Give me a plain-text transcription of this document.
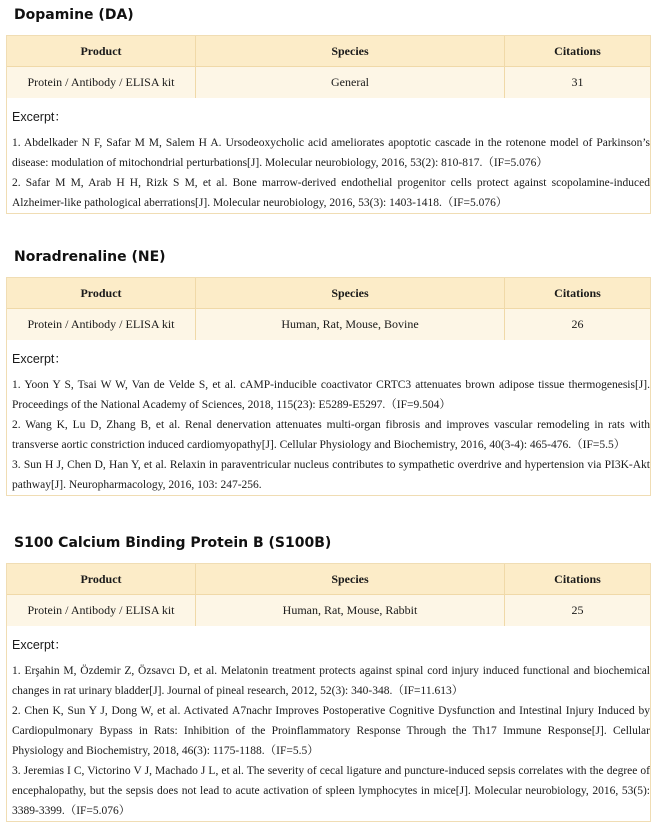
Dopamine (DA)
Product	Species	Citations
Protein / Antibody / ELISA kit	General	31
Excerpt：

1. Abdelkader N F, Safar M M, Salem H A. Ursodeoxycholic acid ameliorates apoptotic cascade in the rotenone model of Parkinson’s disease: modulation of mitochondrial perturbations[J]. Molecular neurobiology, 2016, 53(2): 810-817.（IF=5.076）

2. Safar M M, Arab H H, Rizk S M, et al. Bone marrow-derived endothelial progenitor cells protect against scopolamine-induced Alzheimer-like pathological aberrations[J]. Molecular neurobiology, 2016, 53(3): 1403-1418.（IF=5.076）

Noradrenaline (NE)
Product	Species	Citations
Protein / Antibody / ELISA kit	Human, Rat, Mouse, Bovine	26
Excerpt：

1. Yoon Y S, Tsai W W, Van de Velde S, et al. cAMP-inducible coactivator CRTC3 attenuates brown adipose tissue thermogenesis[J]. Proceedings of the National Academy of Sciences, 2018, 115(23): E5289-E5297.（IF=9.504）

2. Wang K, Lu D, Zhang B, et al. Renal denervation attenuates multi-organ fibrosis and improves vascular remodeling in rats with transverse aortic constriction induced cardiomyopathy[J]. Cellular Physiology and Biochemistry, 2016, 40(3-4): 465-476.（IF=5.5）

3. Sun H J, Chen D, Han Y, et al. Relaxin in paraventricular nucleus contributes to sympathetic overdrive and hypertension via PI3K-Akt pathway[J]. Neuropharmacology, 2016, 103: 247-256.

S100 Calcium Binding Protein B (S100B)
Product	Species	Citations
Protein / Antibody / ELISA kit	Human, Rat, Mouse, Rabbit	25
Excerpt：

1. Erşahin M, Özdemir Z, Özsavcı D, et al. Melatonin treatment protects against spinal cord injury induced functional and biochemical changes in rat urinary bladder[J]. Journal of pineal research, 2012, 52(3): 340-348.（IF=11.613）

2. Chen K, Sun Y J, Dong W, et al. Activated Α7nachr Improves Postoperative Cognitive Dysfunction and Intestinal Injury Induced by Cardiopulmonary Bypass in Rats: Inhibition of the Proinflammatory Response Through the Th17 Immune Response[J]. Cellular Physiology and Biochemistry, 2018, 46(3): 1175-1188.（IF=5.5）

3. Jeremias I C, Victorino V J, Machado J L, et al. The severity of cecal ligature and puncture-induced sepsis correlates with the degree of encephalopathy, but the sepsis does not lead to acute activation of spleen lymphocytes in mice[J]. Molecular neurobiology, 2016, 53(5): 3389-3399.（IF=5.076）
